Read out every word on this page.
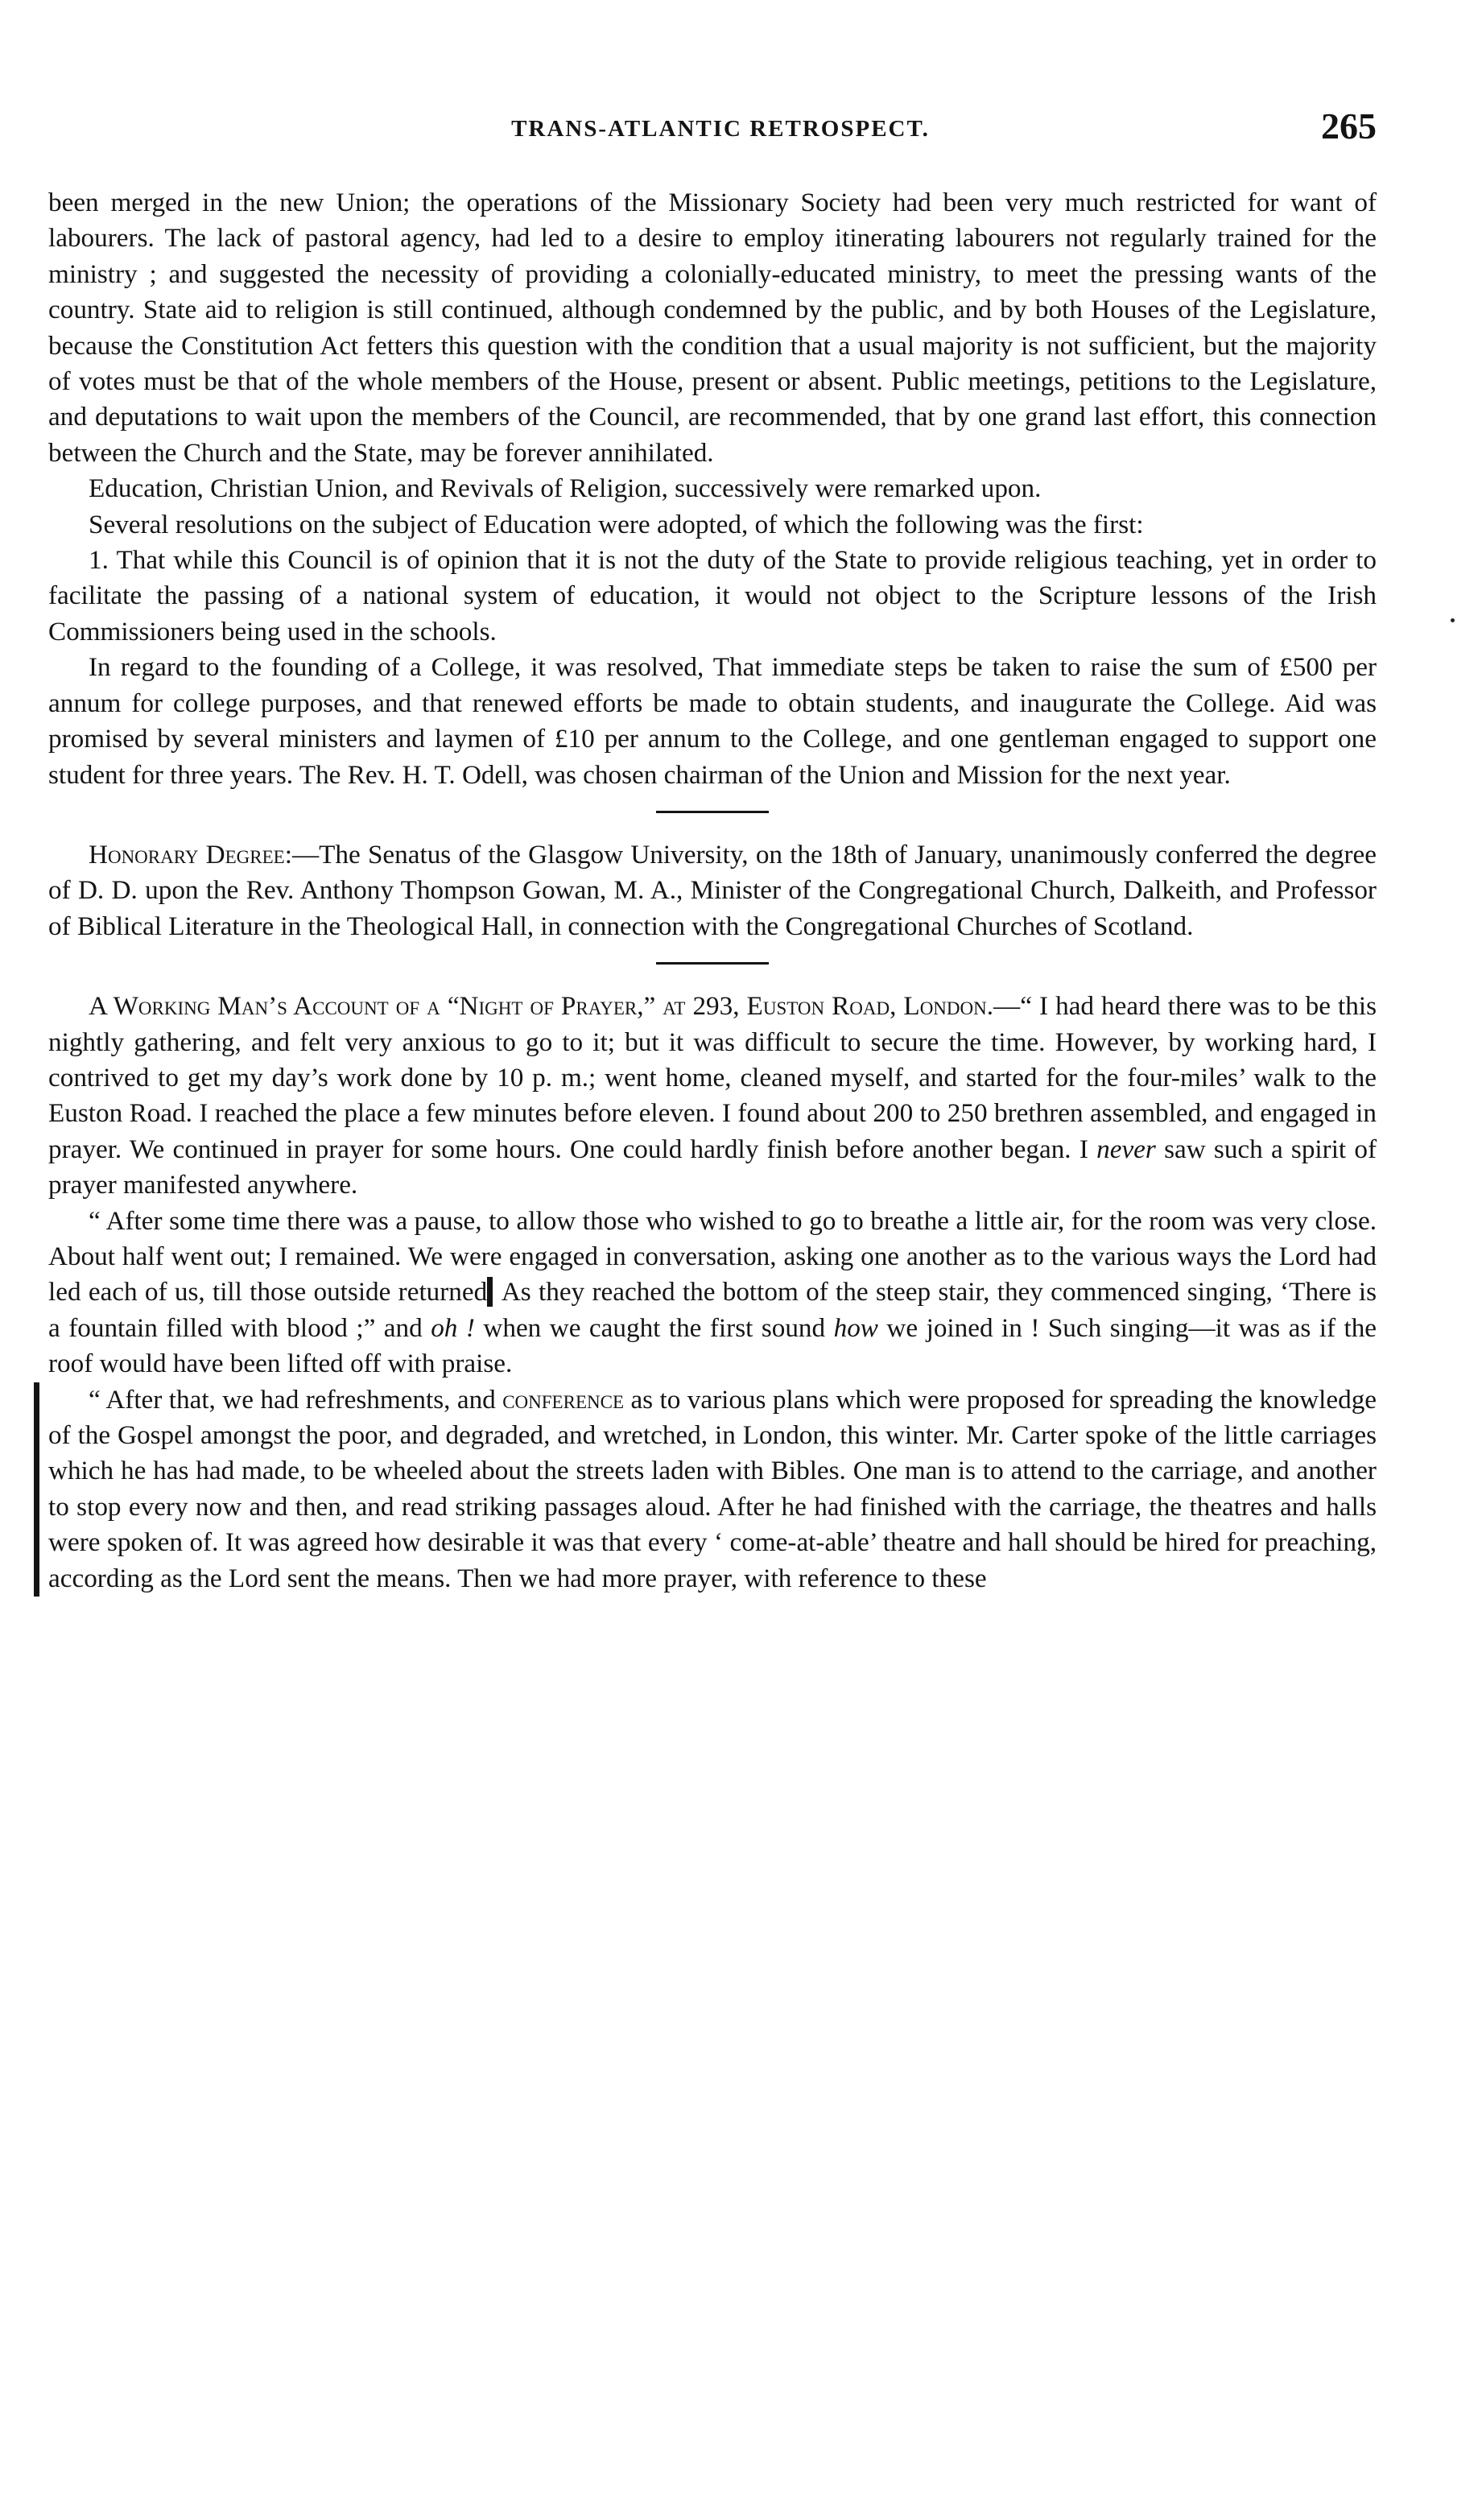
TRANS-ATLANTIC RETROSPECT.	265

been merged in the new Union; the operations of the Missionary Society had been very much restricted for want of labourers. The lack of pastoral agency, had led to a desire to employ itinerating labourers not regularly trained for the ministry ; and suggested the necessity of providing a colonially-educated ministry, to meet the pressing wants of the country. State aid to religion is still continued, although condemned by the public, and by both Houses of the Legislature, because the Constitution Act fetters this question with the condition that a usual majority is not sufficient, but the majority of votes must be that of the whole members of the House, present or absent. Public meetings, petitions to the Legislature, and deputations to wait upon the members of the Council, are recommended, that by one grand last effort, this connection between the Church and the State, may be forever annihilated.

Education, Christian Union, and Revivals of Religion, successively were remarked upon.

Several resolutions on the subject of Education were adopted, of which the following was the first:

1. That while this Council is of opinion that it is not the duty of the State to provide religious teaching, yet in order to facilitate the passing of a national system of education, it would not object to the Scripture lessons of the Irish Commissioners being used in the schools.

In regard to the founding of a College, it was resolved, That immediate steps be taken to raise the sum of £500 per annum for college purposes, and that renewed efforts be made to obtain students, and inaugurate the College. Aid was promised by several ministers and laymen of £10 per annum to the College, and one gentleman engaged to support one student for three years. The Rev. H. T. Odell, was chosen chairman of the Union and Mission for the next year.

Honorary Degree:—The Senatus of the Glasgow University, on the 18th of January, unanimously conferred the degree of D. D. upon the Rev. Anthony Thompson Gowan, M. A., Minister of the Congregational Church, Dalkeith, and Professor of Biblical Literature in the Theological Hall, in connection with the Congregational Churches of Scotland.

A Working Man’s Account of a “Night of Prayer,” at 293, Euston Road, London.—“ I had heard there was to be this nightly gathering, and felt very anxious to go to it; but it was difficult to secure the time. However, by working hard, I contrived to get my day’s work done by 10 p. m.; went home, cleaned myself, and started for the four-miles’ walk to the Euston Road. I reached the place a few minutes before eleven. I found about 200 to 250 brethren assembled, and engaged in prayer. We continued in prayer for some hours. One could hardly finish before another began. I never saw such a spirit of prayer manifested anywhere.

“ After some time there was a pause, to allow those who wished to go to breathe a little air, for the room was very close. About half went out; I remained. We were engaged in conversation, asking one another as to the various ways the Lord had led each of us, till those outside returned. As they reached the bottom of the steep stair, they commenced singing, ‘There is a fountain filled with blood ;” and oh ! when we caught the first sound how we joined in ! Such singing—it was as if the roof would have been lifted off with praise.

“ After that, we had refreshments, and conference as to various plans which were proposed for spreading the knowledge of the Gospel amongst the poor, and degraded, and wretched, in London, this winter. Mr. Carter spoke of the little carriages which he has had made, to be wheeled about the streets laden with Bibles. One man is to attend to the carriage, and another to stop every now and then, and read striking passages aloud. After he had finished with the carriage, the theatres and halls were spoken of. It was agreed how desirable it was that every ‘ come-at-able’ theatre and hall should be hired for preaching, according as the Lord sent the means. Then we had more prayer, with reference to these
